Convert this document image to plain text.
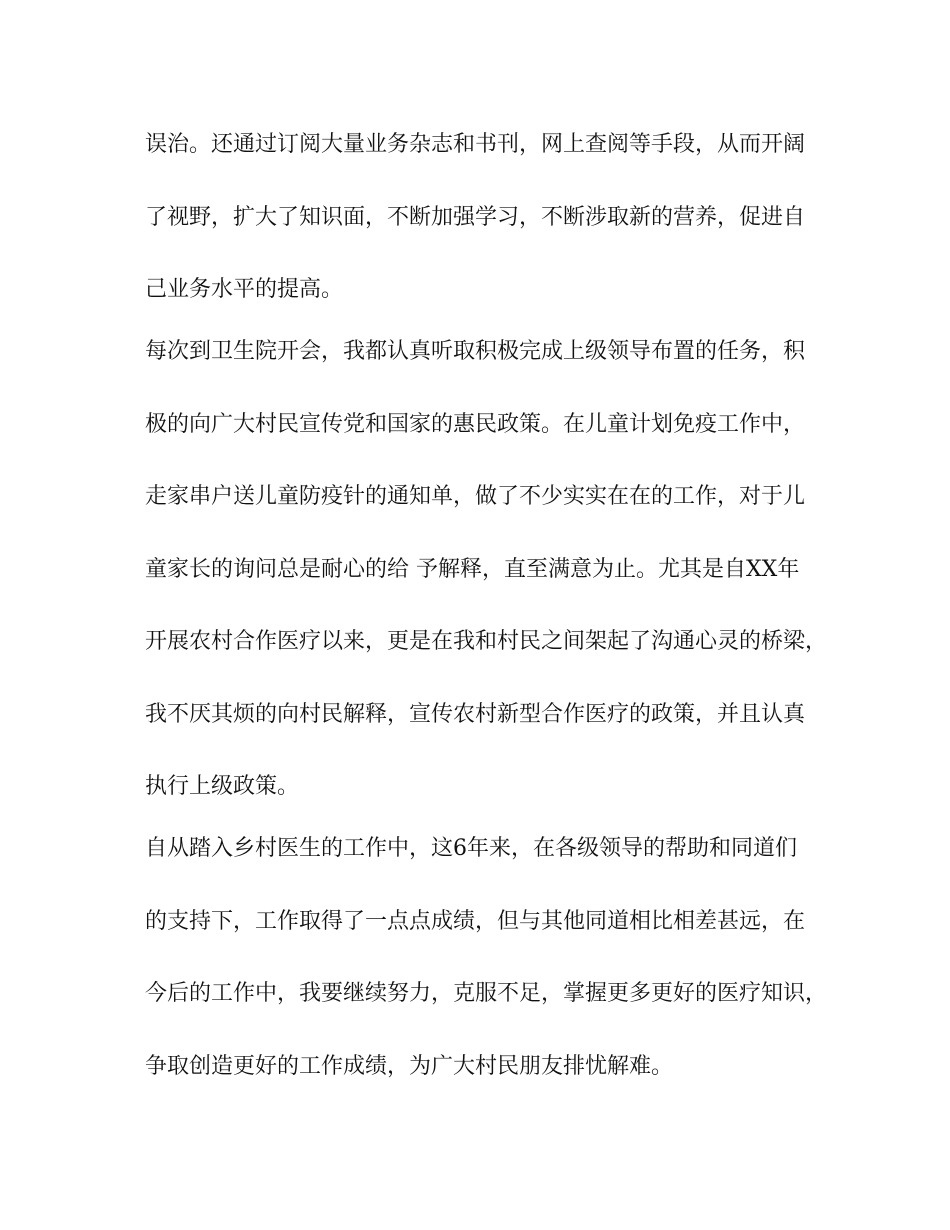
误治。还通过订阅大量业务杂志和书刊，网上查阅等手段，从而开阔
了视野，扩大了知识面，不断加强学习，不断涉取新的营养，促进自
己业务水平的提高。
每次到卫生院开会，我都认真听取积极完成上级领导布置的任务，积
极的向广大村民宣传党和国家的惠民政策。在儿童计划免疫工作中，
走家串户送儿童防疫针的通知单，做了不少实实在在的工作，对于儿
童家长的询问总是耐心的给 予解释，直至满意为止。尤其是自XX年
开展农村合作医疗以来，更是在我和村民之间架起了沟通心灵的桥梁，
我不厌其烦的向村民解释，宣传农村新型合作医疗的政策，并且认真
执行上级政策。
自从踏入乡村医生的工作中，这6年来，在各级领导的帮助和同道们
的支持下，工作取得了一点点成绩，但与其他同道相比相差甚远，在
今后的工作中，我要继续努力，克服不足，掌握更多更好的医疗知识，
争取创造更好的工作成绩，为广大村民朋友排忧解难。
